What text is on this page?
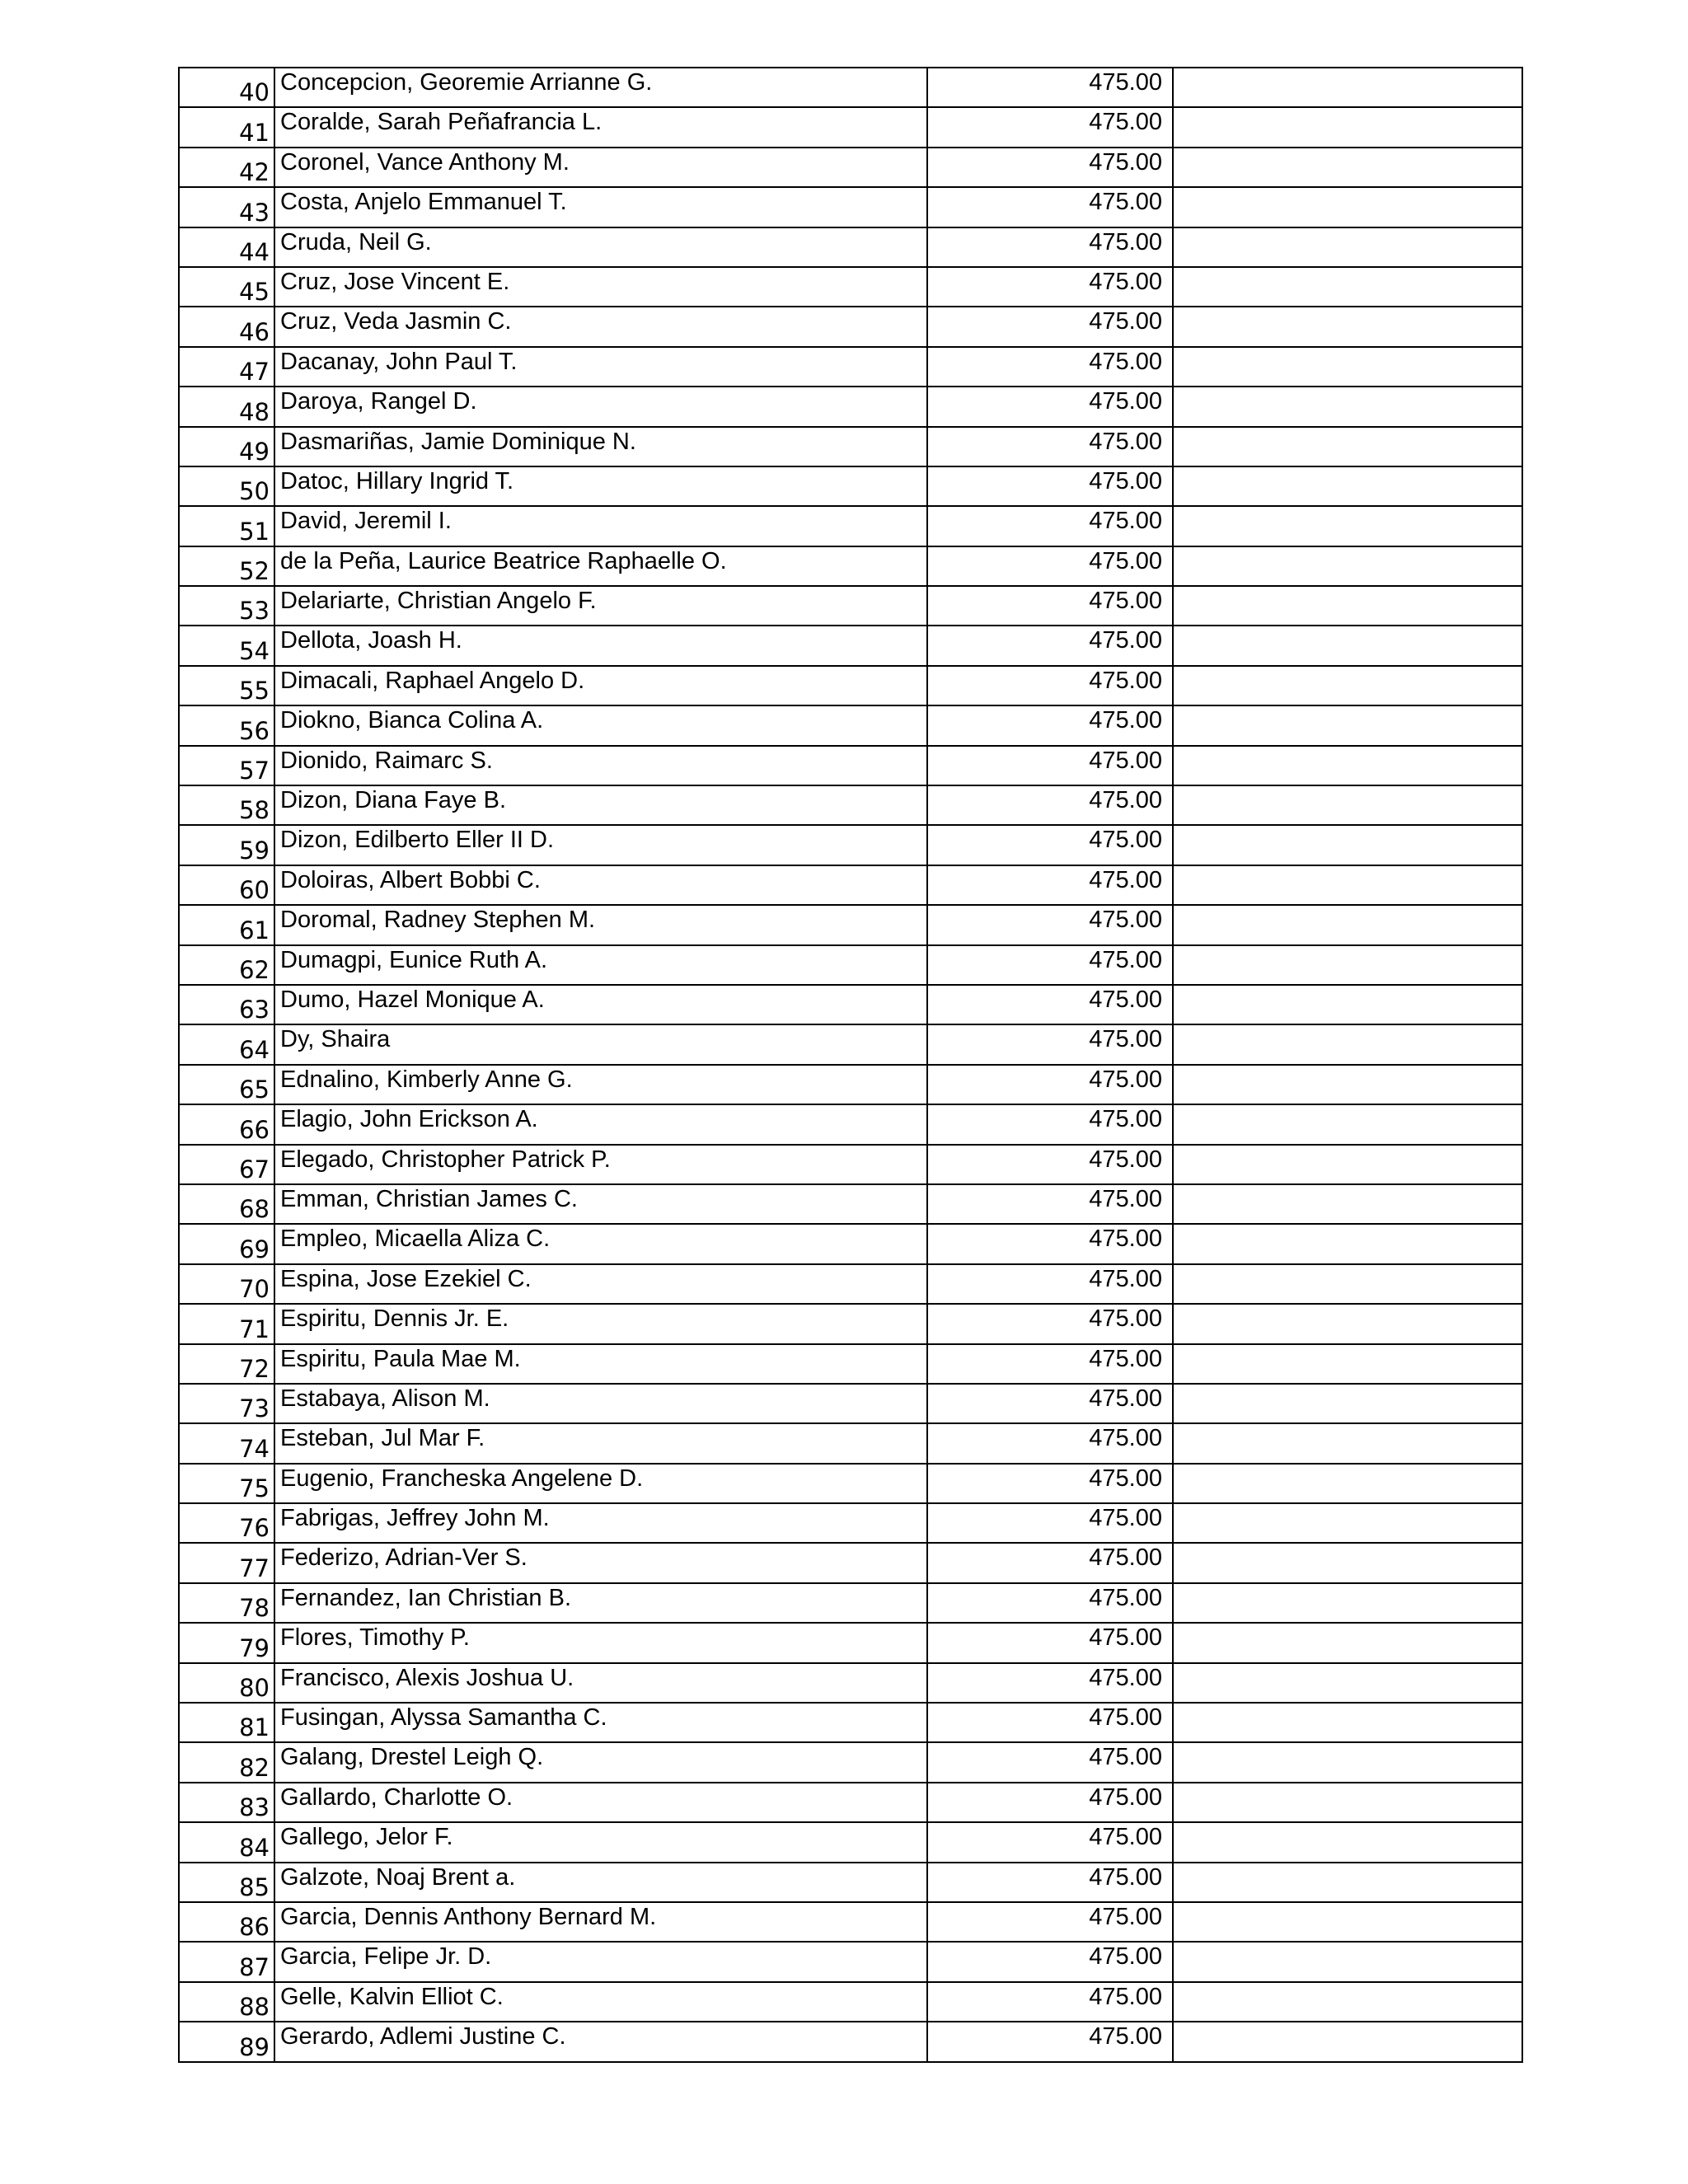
40	Concepcion, Georemie Arrianne G.	475.00	
41	Coralde, Sarah Peñafrancia L.	475.00	
42	Coronel, Vance Anthony M.	475.00	
43	Costa, Anjelo Emmanuel T.	475.00	
44	Cruda, Neil G.	475.00	
45	Cruz, Jose Vincent E.	475.00	
46	Cruz, Veda Jasmin C.	475.00	
47	Dacanay, John Paul T.	475.00	
48	Daroya, Rangel D.	475.00	
49	Dasmariñas, Jamie Dominique N.	475.00	
50	Datoc, Hillary Ingrid T.	475.00	
51	David, Jeremil I.	475.00	
52	de la Peña, Laurice Beatrice Raphaelle O.	475.00	
53	Delariarte, Christian Angelo F.	475.00	
54	Dellota, Joash H.	475.00	
55	Dimacali, Raphael Angelo D.	475.00	
56	Diokno, Bianca Colina A.	475.00	
57	Dionido, Raimarc S.	475.00	
58	Dizon, Diana Faye B.	475.00	
59	Dizon, Edilberto Eller II D.	475.00	
60	Doloiras, Albert Bobbi C.	475.00	
61	Doromal, Radney Stephen M.	475.00	
62	Dumagpi, Eunice Ruth A.	475.00	
63	Dumo, Hazel Monique A.	475.00	
64	Dy, Shaira	475.00	
65	Ednalino, Kimberly Anne G.	475.00	
66	Elagio, John Erickson A.	475.00	
67	Elegado, Christopher Patrick P.	475.00	
68	Emman, Christian James C.	475.00	
69	Empleo, Micaella Aliza C.	475.00	
70	Espina, Jose Ezekiel C.	475.00	
71	Espiritu, Dennis Jr. E.	475.00	
72	Espiritu, Paula Mae M.	475.00	
73	Estabaya, Alison M.	475.00	
74	Esteban, Jul Mar F.	475.00	
75	Eugenio, Francheska Angelene D.	475.00	
76	Fabrigas, Jeffrey John M.	475.00	
77	Federizo, Adrian-Ver S.	475.00	
78	Fernandez, Ian Christian B.	475.00	
79	Flores, Timothy P.	475.00	
80	Francisco, Alexis Joshua U.	475.00	
81	Fusingan, Alyssa Samantha C.	475.00	
82	Galang, Drestel Leigh Q.	475.00	
83	Gallardo, Charlotte O.	475.00	
84	Gallego, Jelor F.	475.00	
85	Galzote, Noaj Brent a.	475.00	
86	Garcia, Dennis Anthony Bernard M.	475.00	
87	Garcia, Felipe Jr. D.	475.00	
88	Gelle, Kalvin Elliot C.	475.00	
89	Gerardo, Adlemi Justine C.	475.00	
